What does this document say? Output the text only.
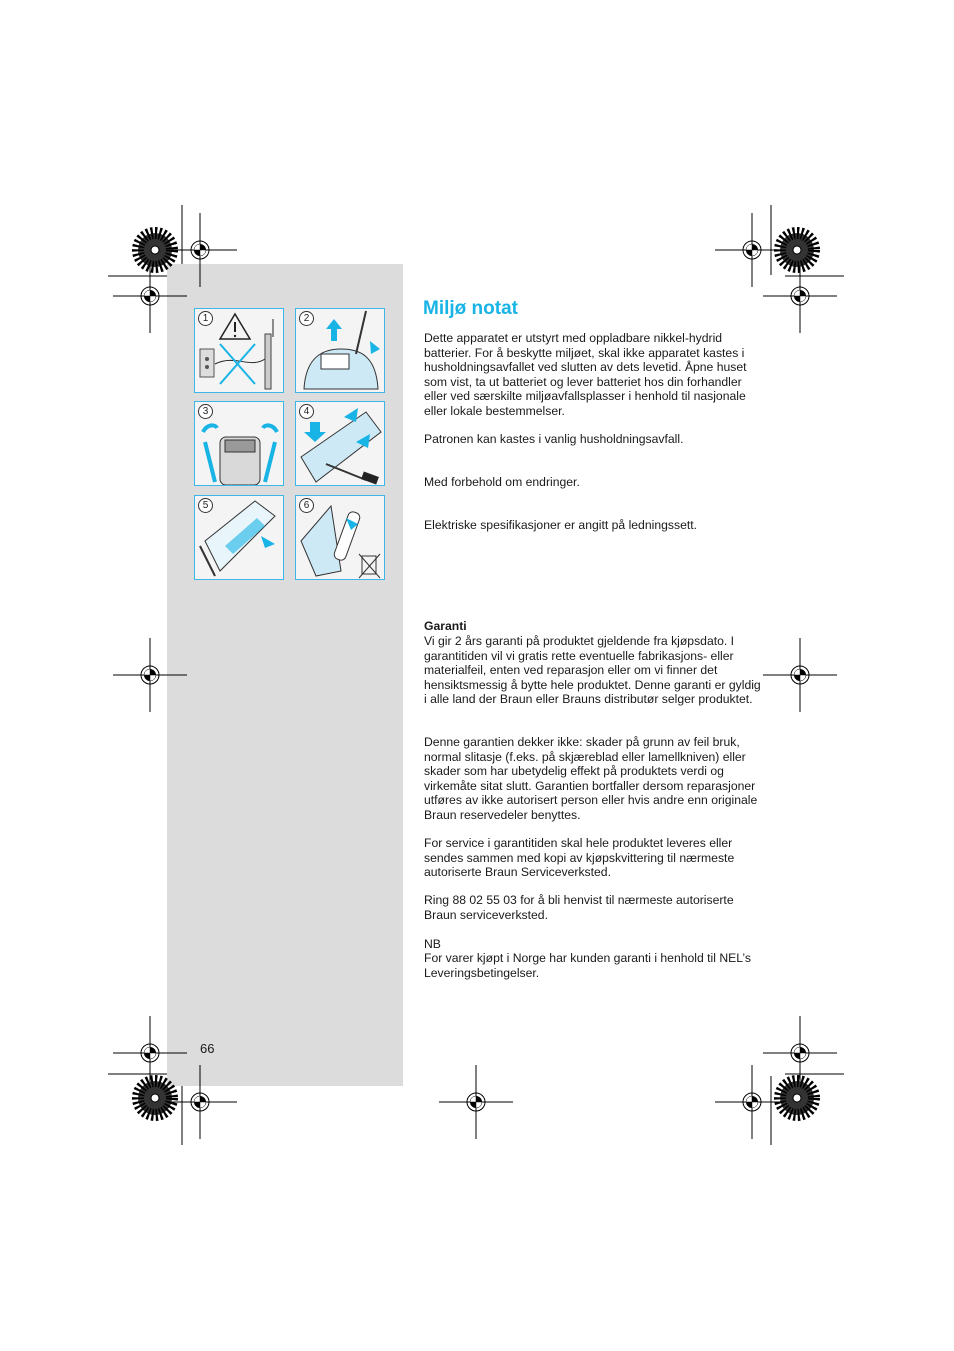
1	2
3	4
5	6
Miljø notat

Dette apparatet er utstyrt med oppladbare nikkel-hydrid batterier. For å beskytte miljøet, skal ikke apparatet kastes i husholdningsavfallet ved slutten av dets levetid. Åpne huset som vist, ta ut batteriet og lever batteriet hos din forhandler eller ved særskilte miljøavfallsplasser i henhold til nasjonale eller lokale bestemmelser.

Patronen kan kastes i vanlig husholdningsavfall.

Med forbehold om endringer.

Elektriske spesifikasjoner er angitt på ledningssett.

Garanti

Vi gir 2 års garanti på produktet gjeldende fra kjøpsdato. I garantitiden vil vi gratis rette eventuelle fabrikasjons- eller materialfeil, enten ved reparasjon eller om vi finner det hensiktsmessig å bytte hele produktet. Denne garanti er gyldig i alle land der Braun eller Brauns distributør selger produktet.

Denne garantien dekker ikke: skader på grunn av feil bruk, normal slitasje (f.eks. på skjæreblad eller lamellkniven) eller skader som har ubetydelig effekt på produktets verdi og virkemåte sitat slutt. Garantien bortfaller dersom reparasjoner utføres av ikke autorisert person eller hvis andre enn originale Braun reservedeler benyttes.

For service i garantitiden skal hele produktet leveres eller sendes sammen med kopi av kjøpskvittering til nærmeste autoriserte Braun Serviceverksted.

Ring 88 02 55 03 for å bli henvist til nærmeste autoriserte Braun serviceverksted.

NB

For varer kjøpt i Norge har kunden garanti i henhold til NEL’s Leveringsbetingelser.

66
